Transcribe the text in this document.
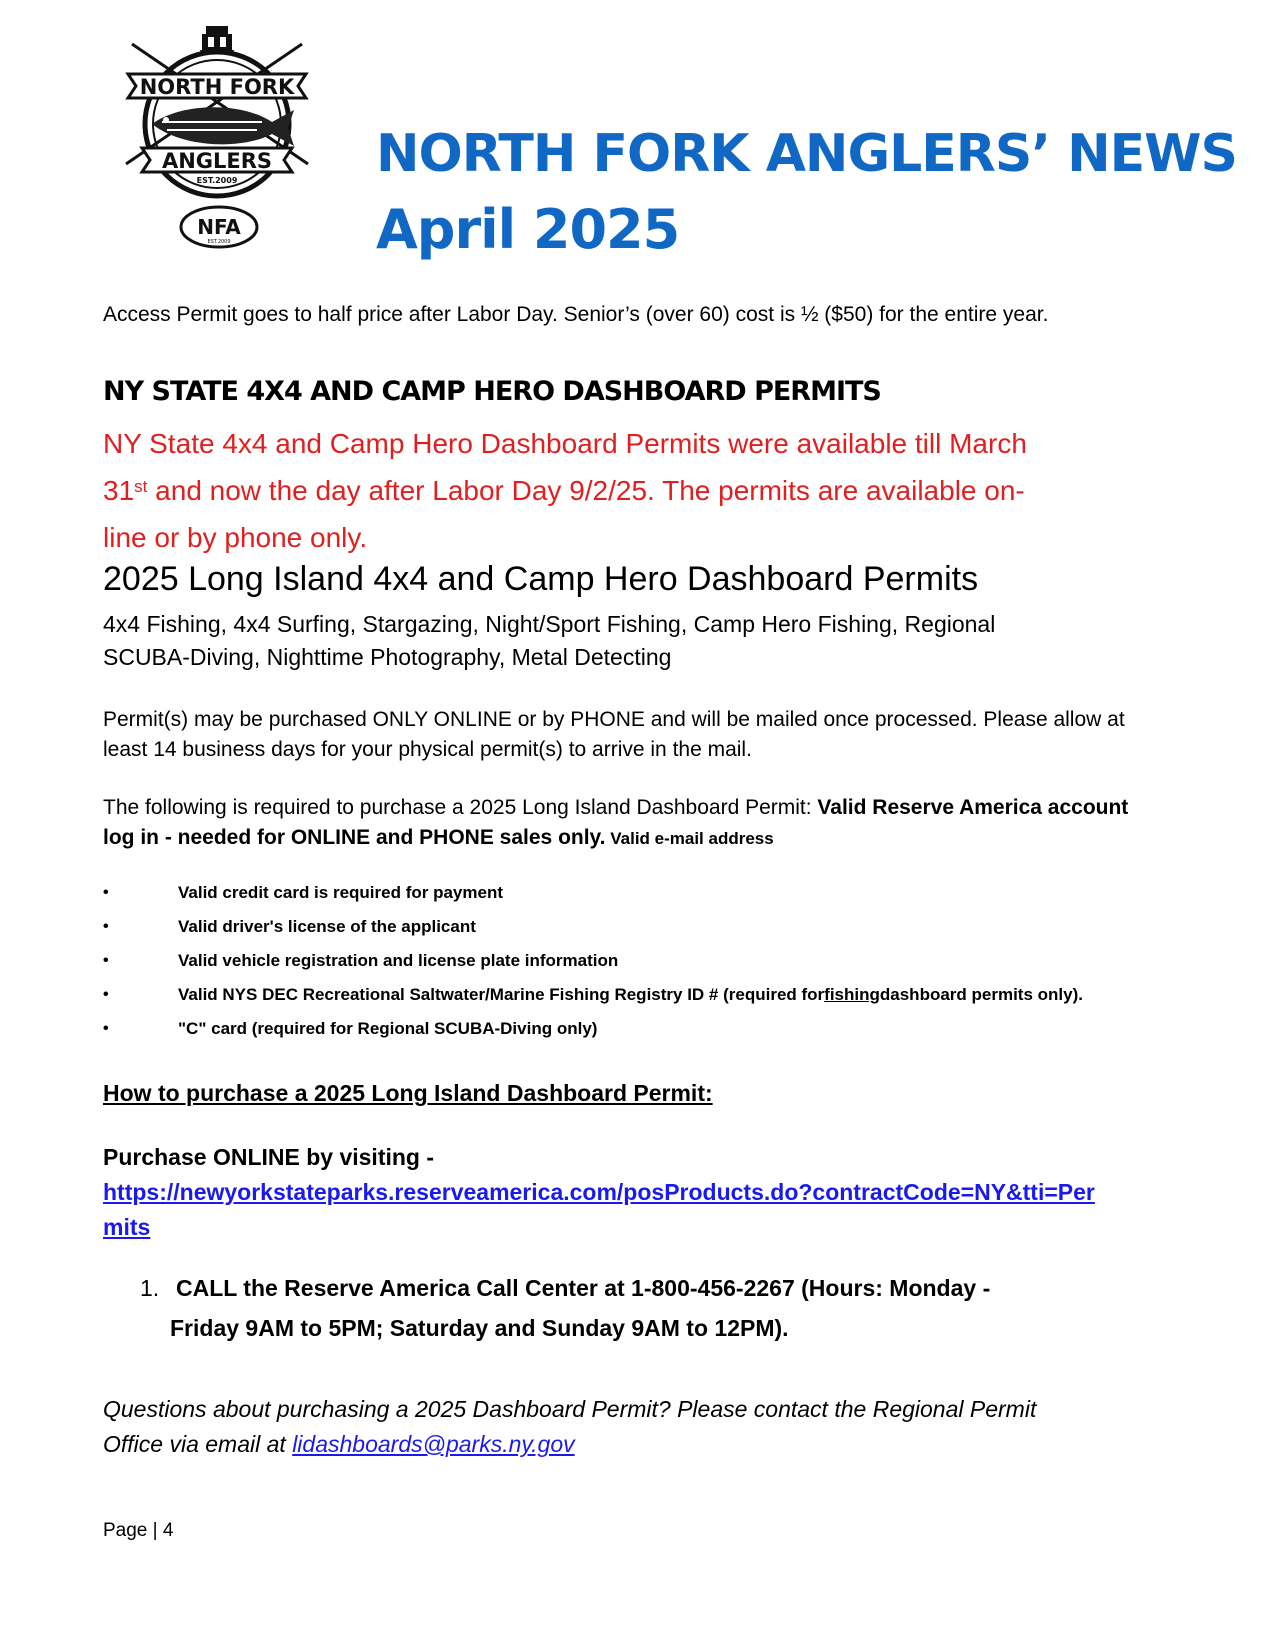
NORTH FORK
ANGLERS
EST.2009
NFA
EST.2009
NORTH FORK ANGLERS’ NEWS
April 2025
Access Permit goes to half price after Labor Day. Senior’s (over 60) cost is ½ ($50) for the entire year.
NY STATE 4X4 AND CAMP HERO DASHBOARD PERMITS

NY State 4x4 and Camp Hero Dashboard Permits were available till March

31st and now the day after Labor Day 9/2/25. The permits are available on-

line or by phone only.

2025 Long Island 4x4 and Camp Hero Dashboard Permits

4x4 Fishing, 4x4 Surfing, Stargazing, Night/Sport Fishing, Camp Hero Fishing, Regional

SCUBA-Diving, Nighttime Photography, Metal Detecting

Permit(s) may be purchased ONLY ONLINE or by PHONE and will be mailed once processed. Please allow at

least 14 business days for your physical permit(s) to arrive in the mail.

The following is required to purchase a 2025 Long Island Dashboard Permit: Valid Reserve America account

log in - needed for ONLINE and PHONE sales only. Valid e-mail address

•	Valid credit card is required for payment
•	Valid driver's license of the applicant
•	Valid vehicle registration and license plate information
•	Valid NYS DEC Recreational Saltwater/Marine Fishing Registry ID # (required for fishing dashboard permits only).
•	"C" card (required for Regional SCUBA-Diving only)
How to purchase a 2025 Long Island Dashboard Permit:

Purchase ONLINE by visiting -

https://newyorkstateparks.reserveamerica.com/posProducts.do?contractCode=NY&tti=Per

mits

1. CALL the Reserve America Call Center at 1-800-456-2267 (Hours: Monday -

Friday 9AM to 5PM; Saturday and Sunday 9AM to 12PM).

Questions about purchasing a 2025 Dashboard Permit? Please contact the Regional Permit

Office via email at lidashboards@parks.ny.gov

Page | 4
